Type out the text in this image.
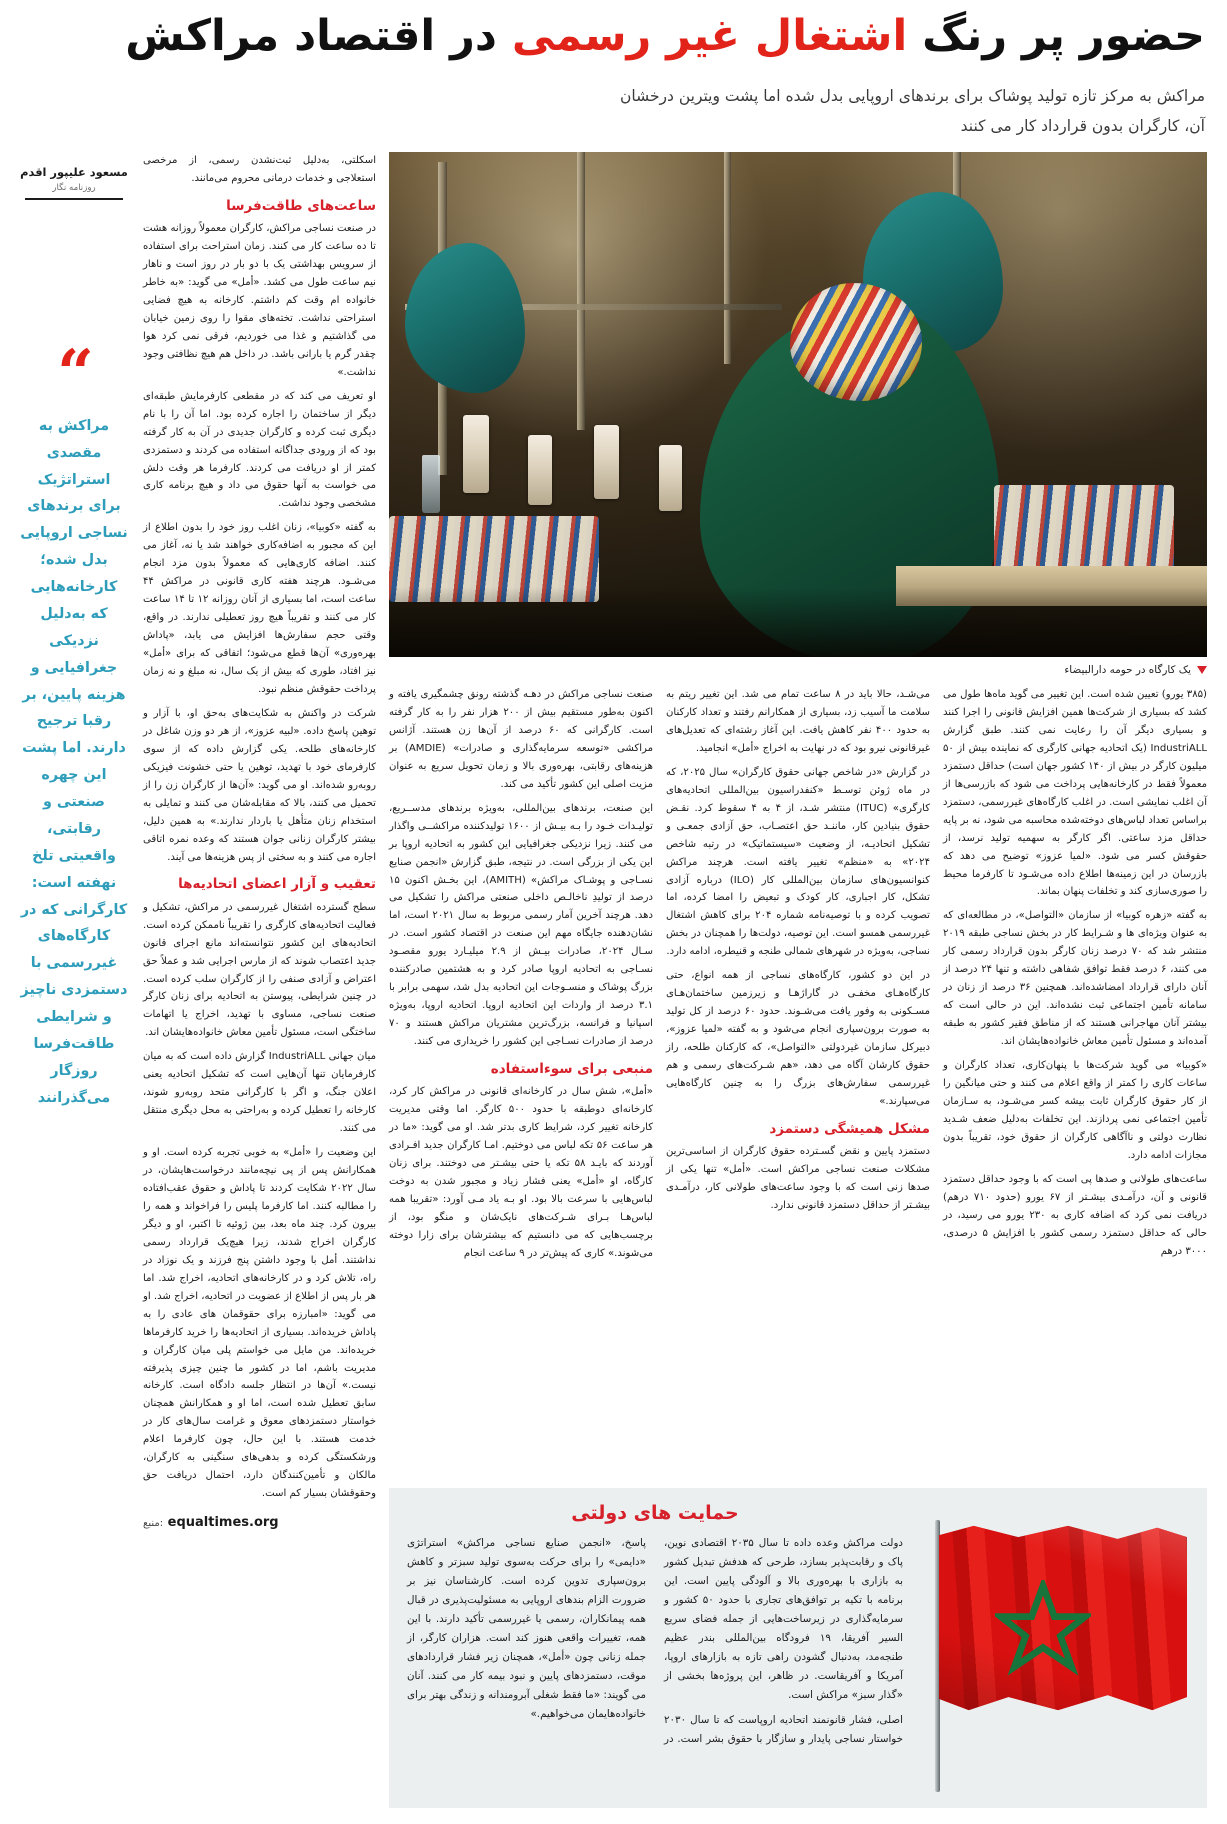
حضور پر رنگ اشتغال غیر رسمی در اقتصاد مراکش
مراکش به مرکز تازه تولید پوشاک برای برندهای اروپایی بدل شده اما پشت ویترین درخشان آن، کارگران بدون قرارداد کار می کنند
یک کارگاه در حومه دارالبیضاء

(۳۸۵ یورو) تعیین شده است. این تغییر می گوید ماه‌ها طول می کشد که بسیاری از شرکت‌ها همین افزایش قانونی را اجرا کنند و بسیاری دیگر آن را رعایت نمی کنند. طبق گزارش IndustriALL (یک اتحادیه جهانی کارگری که نماینده بیش از ۵۰ میلیون کارگر در بیش از ۱۴۰ کشور جهان است) حداقل دستمزد معمولاً فقط در کارخانه‌هایی پرداخت می شود که بازرسی‌ها از آن اغلب نمایشی است. در اغلب کارگاه‌های غیررسمی، دستمزد براساس تعداد لباس‌های دوخته‌شده محاسبه می شود، نه بر پایه حداقل مزد ساعتی. اگر کارگر به سهمیه تولید نرسد، از حقوقش کسر می شود. «لمیا عزوز» توضیح می دهد که بازرسان در این زمینه‌ها اطلاع داده می‌شـود تا کارفرما محیط را صوری‌سازی کند و تخلفات پنهان بماند.

به گفته «زهره کوبیا» از سازمان «التواصل»، در مطالعه‌ای که به عنوان ویژه‌ای ها و شـرایط کار در بخش نساجی طبقه ۲۰۱۹ منتشر شد که ۷۰ درصد زنان کارگر بدون قرارداد رسمی کار می کنند، ۶ درصد فقط توافق شفاهی داشته و تنها ۲۴ درصد از آنان دارای قرارداد امضاشده‌اند. همچنین ۳۶ درصد از زنان در سامانه تأمین اجتماعی ثبت نشده‌اند. این در حالی است که بیشتر آنان مهاجرانی هستند که از مناطق فقیر کشور به طبقه آمده‌اند و مسئول تأمین معاش خانواده‌هایشان اند.

«کوبیا» می گوید شرکت‌ها با پنهان‌کاری، تعداد کارگران و ساعات کاری را کمتر از واقع اعلام می کنند و حتی میانگین را از کار حقوق کارگران ثابت بیشه کسر می‌شـود، به سـازمان تأمین اجتماعی نمی پردازند. این تخلفات به‌دلیل ضعف شـدید نظارت دولتی و ناآگاهی کارگران از حقوق خود، تقریباً بدون مجازات ادامه دارد.

ساعت‌های طولانی و صدها پی است که با وجود حداقل دستمزد قانونی و آن، درآمـدی بیشـتر از ۶۷ یورو (حدود ۷۱۰ درهم) دریافت نمی کرد که اضافه کاری به ۲۳۰ یورو می رسید، در حالی که حداقل دستمزد رسمی کشور با افزایش ۵ درصدی، ۳۰۰۰ درهم

می‌شـد، حالا باید در ۸ ساعت تمام می شد. این تغییر ریتم به سلامت ما آسیب زد، بسیاری از همکارانم رفتند و تعداد کارکنان به حدود ۴۰۰ نفر کاهش یافت. این آغاز رشته‌ای که تعدیل‌های غیرقانونی نیرو بود که در نهایت به اخراج «أمل» انجامید.

در گزارش «در شاخص جهانی حقوق کارگران» سال ۲۰۲۵، که در ماه ژوئن توسـط «کنفدراسیون بین‌المللی اتحادیه‌های کارگری» (ITUC) منتشر شـد، از ۴ به ۴ سقوط کرد. نقـض حقوق بنیادین کار، ماننـد حق اعتصـاب، حق آزادی جمعـی و تشکیل اتحادیـه، از وضعیت «سیستماتیک» در رتبه شاخص ۲۰۲۴» به «منظم» تغییر یافته است. هرچند مراکش کنوانسیون‌های سازمان بین‌المللی کار (ILO) درباره آزادی تشکل، کار اجباری، کار کودک و تبعیض را امضا کرده، اما تصویب کرده و با توصیه‌نامه شماره ۲۰۴ برای کاهش اشتغال غیررسمی همسو است. این توصیه، دولت‌ها را همچنان در بخش نساجی، به‌ویژه در شهرهای شمالی طنجه و قنیطره، ادامه دارد.

در این دو کشور، کارگاه‌های نساجی از همه انواع، حتی کارگاه‌هـای مخفـی در گاراژهـا و زیرزمین ساختمان‌هـای مسـکونی به وفور یافت می‌شـوند. حدود ۶۰ درصد از کل تولید به صورت برون‌سپاری انجام می‌شود و به گفته «لمیا عزوز»، دبیرکل سازمان غیردولتی «التواصل»، که کارکنان طلحه، راز حقوق کارشان آگاه می دهد، «هم شـرکت‌های رسمی و هم غیررسمی سفارش‌های بزرگ را به چنین کارگاه‌هایی می‌سپارند.»

مشکل همیشگی دستمزد

دستمزد پایین و نقض گسـترده حقوق کارگران از اساسی‌ترین مشکلات صنعت نساجی مراکش است. «أمل» تنها یکی از صدها زنی است که با وجود ساعت‌های طولانی کار، درآمـدی بیشـتر از حداقل دستمزد قانونی ندارد.

صنعت نساجی مراکش در دهـه گذشته رونق چشمگیری یافته و اکنون به‌طور مستقیم بیش از ۲۰۰ هزار نفر را به کار گرفته است. کارگرانی که ۶۰ درصد از آن‌ها زن هستند. آژانس مراکشی «توسعه سرمایه‌گذاری و صادرات» (AMDIE) بر هزینه‌های رقابتی، بهره‌وری بالا و زمان تحویل سریع به عنوان مزیت اصلی این کشور تأکید می کند.

این صنعت، برندهای بین‌المللی، به‌ویژه برندهای مدســریع، تولیـدات خـود را بـه بیـش از ۱۶۰۰ تولیدکننده مراکشــی واگذار می کنند. زیرا نزدیکی جغرافیایی این کشور به اتحادیه اروپا بر این یکی از بزرگی است. در نتیجه، طبق گزارش «انجمن صنایع نسـاجی و پوشـاک مراکش» (AMITH)، این بخـش اکنون ۱۵ درصد از تولیدِ ناخالـص داخلی صنعتی مراکش را تشکیل می دهد. هرچند آخرین آمار رسمی مربوط به سال ۲۰۲۱ است، اما نشان‌دهنده جایگاه مهم این صنعت در اقتصاد کشور است. در سـال ۲۰۲۴، صادرات بیـش از ۲.۹ میلیـارد یورو مقصـود نسـاجی به اتحادیه اروپا صادر کرد و به هشتمین صادرکننده بزرگ پوشاک و منسـوجات این اتحادیه بدل شد، سهمی برابر با ۳.۱ درصد از واردات این اتحادیه اروپا. اتحادیه اروپا، به‌ویژه اسپانیا و فرانسه، بزرگ‌ترین مشتریان مراکش هستند و ۷۰ درصد از صادرات نسـاجی این کشور را خریداری می کنند.

منبعی برای سوءاستفاده

«أمل»، شش سال در کارخانه‌ای قانونی در مراکش کار کرد، کارخانه‌ای دوطبقه با حدود ۵۰۰ کارگر. اما وقتی مدیریت کارخانه تغییر کرد، شرایط کاری بدتر شد. او می گوید: «ما در هر ساعت ۵۶ تکه لباس می دوختیم. امـا کارگران جدید افـرادی آوردند که بایـد ۵۸ تکه یا حتی بیشـتر می دوختند. برای زنان کارگاه، او «أمل» یعنی فشار زیاد و مجبور شدن به دوخت لباس‌هایی با سرعت بالا بود. او بـه یاد مـی آورد: «تقریبا همه لباس‌هـا بـرای شـرکت‌های نایک‌شان و منگو بود، از برچسب‌هایی که می دانستیم که بیشترشان برای زارا دوخته می‌شوند.» کاری که پیش‌تر در ۹ ساعت انجام

حمایت های دولتی

دولت مراکش وعده داده تا سال ۲۰۳۵ اقتصادی نوین، پاک و رقابت‌پذیر بسازد، طرحی که هدفش تبدیل کشور به بازاری با بهره‌وری بالا و آلودگی پایین است. این برنامه با تکیه بر توافق‌های تجاری با حدود ۵۰ کشور و سرمایه‌گذاری در زیرساخت‌هایی از جمله فضای سریع السیر آفریقا، ۱۹ فرودگاه بین‌المللی بندر عظیم طنجه‌مد، به‌دنبال گشودن راهی تازه به بازارهای اروپا، آمریکا و آفریقاست. در ظاهر، این پروژه‌ها بخشی از «گذار سبز» مراکش است.

اصلی، فشار قانونمند اتحادیه اروپاست که تا سال ۲۰۳۰ خواستار نساجی پایدار و سازگار با حقوق بشر است. در پاسخ، «انجمن صنایع نساجی مراکش» استراتژی «دایمی» را برای حرکت به‌سوی تولید سبزتر و کاهش برون‌سپاری تدوین کرده است. کارشناسان نیز بر ضرورت الزام بندهای اروپایی به مسئولیت‌پذیری در قبال همه پیمانکاران، رسمی یا غیررسمی تأکید دارند. با این همه، تغییرات واقعی هنوز کند است. هزاران کارگر، از جمله زنانی چون «أمل»، همچنان زیر فشار قراردادهای موقت، دستمزدهای پایین و نبود بیمه کار می کنند. آنان می گویند: «ما فقط شغلی آبرومندانه و زندگی بهتر برای خانواده‌هایمان می‌خواهیم.»

اسکلتی، به‌دلیل ثبت‌نشدن رسمی، از مرخصی استعلاجی و خدمات درمانی محروم می‌مانند.

ساعت‌های طاقت‌فرسا

در صنعت نساجی مراکش، کارگران معمولاً روزانه هشت تا ده ساعت کار می کنند. زمان استراحت برای استفاده از سرویس بهداشتی یک با دو بار در روز است و ناهار نیم ساعت طول می کشد. «أمل» می گوید: «به خاطر خانواده ام وقت کم داشتم. کارخانه به هیچ فضایی استراحتی نداشت. تخته‌های مقوا را روی زمین خیابان می گذاشتیم و غذا می خوردیم، فرقی نمی کرد هوا چقدر گرم یا بارانی باشد. در داخل هم هیچ نظافتی وجود نداشت.»

او تعریف می کند که در مقطعی کارفرمایش طبقه‌ای دیگر از ساختمان را اجاره کرده بود. اما آن را با نام دیگری ثبت کرده و کارگران جدیدی در آن به کار گرفته بود که از ورودی جداگانه استفاده می کردند و دستمزدی کمتر از او دریافت می کردند. کارفرما هر وقت دلش می خواست به آنها حقوق می داد و هیچ برنامه کاری مشخصی وجود نداشت.

به گفته «کوبیا»، زنان اغلب روز خود را بدون اطلاع از این که مجبور به اضافه‌کاری خواهند شد یا نه، آغاز می کنند. اضافه کاری‌هایی که معمولاً بدون مزد انجام می‌شـود. هرچند هفته کاری قانونی در مراکش ۴۴ ساعت است، اما بسیاری از آنان روزانه ۱۲ تا ۱۴ ساعت کار می کنند و تقریباً هیچ روز تعطیلی ندارند. در واقع، وقتی حجم سفارش‌ها افزایش می یابد، «پاداش بهره‌وری» آن‌ها قطع می‌شود؛ اتفاقی که برای «أمل» نیز افتاد، طوری که بیش از یک سال، نه مبلغ و نه زمان پرداخت حقوقش منظم نبود.

شرکت در واکنش به شکایت‌های به‌حق او، با آزار و توهین پاسخ داده. «لبیه عزوز»، از هر دو وزن شاغل در کارخانه‌های طلحه. یکی گزارش داده که از سوی کارفرمای خود با تهدید، توهین یا حتی خشونت فیزیکی روبه‌رو شده‌اند. او می گوید: «آن‌ها از کارگران زن را از تحمیل می کنند، بالا که مقابله‌شان می کنند و تمایلی به استخدام زنان متأهل یا باردار ندارند.» به همین دلیل، بیشتر کارگران زنانی جوان هستند که وعده نمره اتاقی اجاره می کنند و به سختی از پس هزینه‌ها می آیند.

تعقیب و آزار اعضای اتحادیه‌ها

سطح گسترده اشتغال غیررسمی در مراکش، تشکیل و فعالیت اتحادیه‌های کارگری را تقریباً ناممکن کرده است. اتحادیه‌های این کشور نتوانسته‌اند مانع اجرای قانون جدید اعتصاب شوند که از مارس اجرایی شد و عملاً حق اعتراض و آزادی صنفی را از کارگران سلب کرده است. در چنین شرایطی، پیوستن به اتحادیه برای زنان کارگر صنعت نساجی، مساوی با تهدید، اخراج یا اتهامات ساختگی است، مسئول تأمین معاش خانواده‌هایشان اند.

میان جهانی IndustriALL گزارش داده است که به میان کارفرمایان تنها آن‌هایی است که تشکیل اتحادیه یعنی اعلان جنگ، و اگر با کارگرانی متحد روبه‌رو شوند، کارخانه را تعطیل کرده و به‌راحتی به محل دیگری منتقل می کنند.

این وضعیت را «أمل» به خوبی تجربه کرده است. او و همکارانش پس از پی نیچه‌مانند درخواست‌هایشان، در سال ۲۰۲۲ شکایت کردند تا پاداش و حقوق عقب‌افتاده را مطالبه کنند. اما کارفرما پلیس را فراخواند و همه را بیرون کرد. چند ماه بعد، بین ژوئیه تا اکتبر، او و دیگر کارگران اخراج شدند، زیرا هیچ‌یک قرارداد رسمی نداشتند. أمل با وجود داشتن پنج فرزند و یک نوزاد در راه، تلاش کرد و در کارخانه‌های اتحادیه، اخراج شد. اما هر بار پس از اطلاع از عضویت در اتحادیه، اخراج شد. او می گوید: «امبارزه برای حقوقمان های عادی را به پاداش خریده‌اند. بسیاری از اتحادیه‌ها را خرید کارفرماها خریده‌اند. من مایل می خواستم پلی میان کارگران و مدیریت باشم، اما در کشور ما چنین چیزی پذیرفته نیست.» آن‌ها در انتظار جلسه دادگاه است. کارخانه سابق تعطیل شده است، اما او و همکارانش همچنان خواستار دستمزدهای معوق و غرامت سال‌های کار در خدمت هستند. با این حال، چون کارفرما اعلام ورشکستگی کرده و بدهی‌های سنگینی به کارگران، مالکان و تأمین‌کنندگان دارد، احتمال دریافت حق وحقوقشان بسیار کم است.

منبع: equaltimes.org
مسعود علیپور اقدم
روزنامه نگار
“
مراکش به مقصدی استراتژیک برای برندهای نساجی اروپایی بدل شده؛ کارخانه‌هایی که به‌دلیل نزدیکی جغرافیایی و هزینه پایین، بر رقبا ترجیح دارند. اما پشت این چهره صنعتی و رقابتی، واقعیتی تلخ نهفته است: کارگرانی که در کارگاه‌های غیررسمی با دستمزدی ناچیز و شرایطی طاقت‌فرسا روزگار می‌گذرانند
